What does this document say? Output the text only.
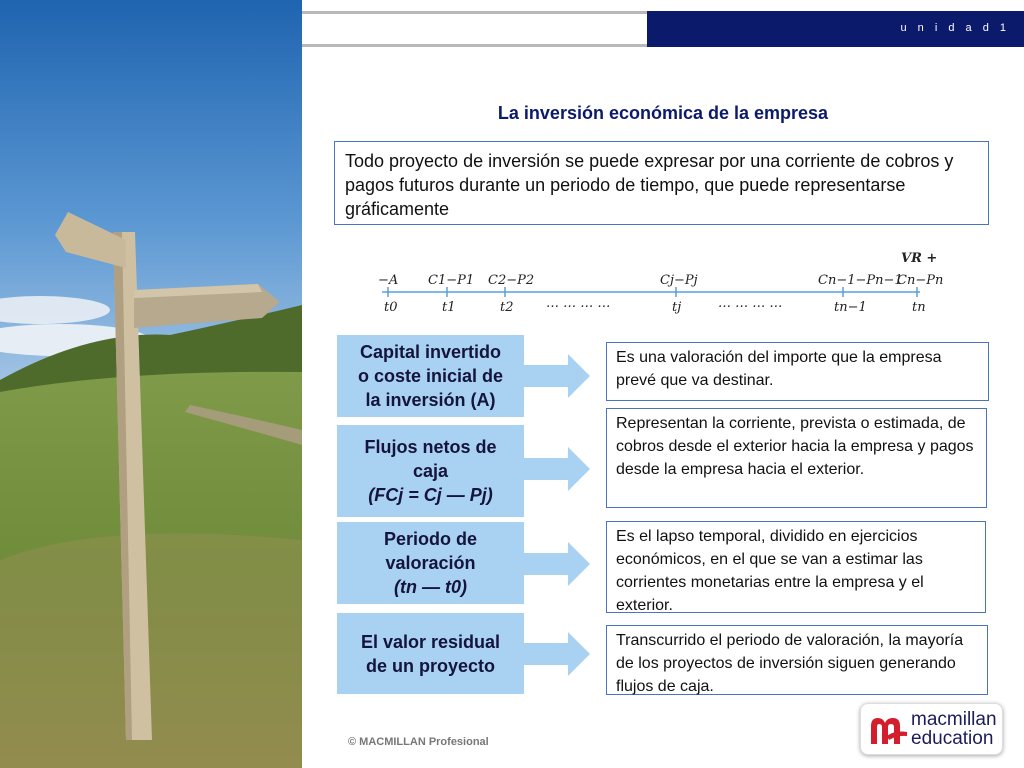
u n i d a d 1
La inversión económica de la empresa
Todo proyecto de inversión se puede expresar por una corriente de cobros y pagos futuros durante un periodo de tiempo, que puede representarse gráficamente
VR +
−A C1−P1 C2−P2	Cj−Pj	Cn−1−Pn−1
Cn−Pn
t0	t1	t2	tj	tn−1	tn
… … … …	… … … …
Capital invertido
o coste inicial de
la inversión (A)
Es una valoración del importe que la empresa prevé que va destinar.
Flujos netos de
caja
(FCj = Cj — Pj)
Representan la corriente, prevista o estimada, de cobros desde el exterior hacia la empresa y pagos desde la empresa hacia el exterior.
Periodo de
valoración
(tn — t0)
Es el lapso temporal, dividido en ejercicios económicos, en el que se van a estimar las corrientes monetarias entre la empresa y el exterior.
El valor residual
de un proyecto
Transcurrido el periodo de valoración, la mayoría de los proyectos de inversión siguen generando flujos de caja.
© MACMILLAN Profesional
macmillan
education
